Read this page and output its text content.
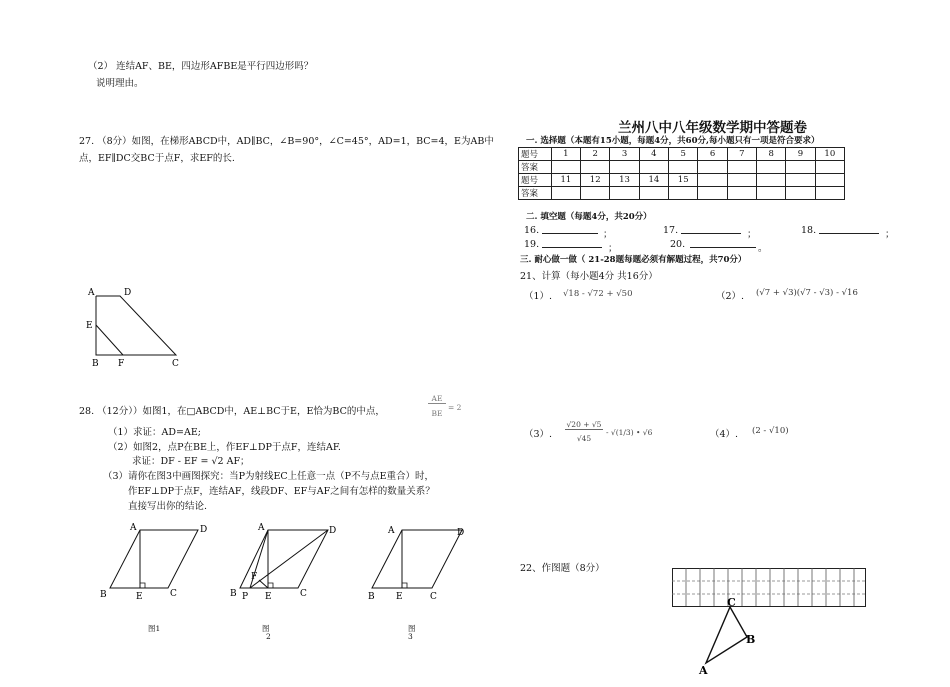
（2） 连结AF、BE，四边形AFBE是平行四边形吗？
说明理由。
27. （8分）如图，在梯形ABCD中，AD∥BC，∠B=90°，∠C=45°，AD=1，BC=4，E为AB中
点，EF∥DC交BC于点F，求EF的长.
A	D
E
B F	C
28. （12分））如图1，在□ABCD中，AE⊥BC于E，E恰为BC的中点，
AE
BE
= 2
（1）求证：AD=AE;
（2）如图2，点P在BE上，作EF⊥DP于点F，连结AF.
求证：DF - EF = √2 AF；
（3）请你在图3中画图探究：当P为射线EC上任意一点（P不与点E重合）时，
作EF⊥DP于点F，连结AF，线段DF、EF与AF之间有怎样的数量关系？
直接写出你的结论.
A	D
B	E	C
图1
A	D
F
B P E	C
图
2
A	D
B E	C
图
3
兰州八中八年级数学期中答题卷
一. 选择题（本题有15小题，每题4分，共60分,每小题只有一项是符合要求）
题号	1	2	3	4	5	6	7	8	9	10
答案										
题号	11	12	13	14	15					
答案										
二. 填空题（每题4分，共20分）
16.	；	17.	；	18.	；
19.	；	20.	。
三. 耐心做一做（ 21-28题每题必须有解题过程，共70分）
21、计算（每小题4分 共16分）
（1）. √18 - √72 + √50	（2）. (√7 + √3)(√7 - √3) - √16
（3）.
√20 + √5
√45
- √(1/3) • √6	（4）. (2 - √10)
22、作图题（8分）
C
B
A
